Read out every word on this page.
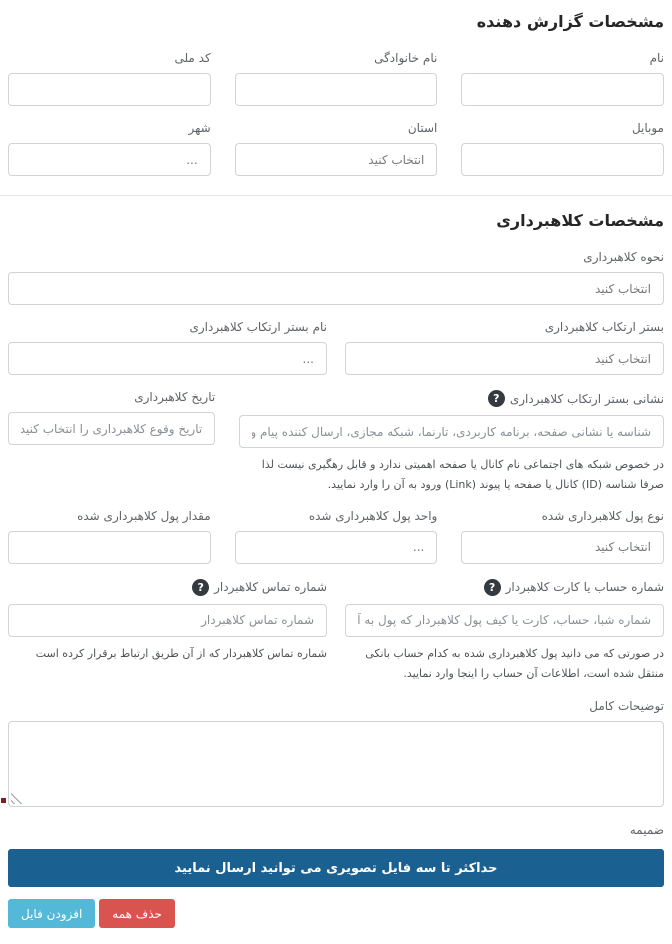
مشخصات گزارش دهنده
نام
نام خانوادگی
کد ملی
موبایل
استان
انتخاب کنید
شهر
...
مشخصات کلاهبرداری
نحوه کلاهبرداری
انتخاب کنید
بستر ارتکاب کلاهبرداری
انتخاب کنید
نام بستر ارتکاب کلاهبرداری
...
نشانی بستر ارتکاب کلاهبرداری
?
شناسه یا نشانی صفحه، برنامه کاربردی، تارنما، شبکه مجازی، ارسال کننده پیام و ...
در خصوص شبکه های اجتماعی نام کانال یا صفحه اهمیتی ندارد و قابل رهگیری نیست لذا صرفا شناسه (ID) کانال یا صفحه یا پیوند (Link) ورود به آن را وارد نمایید.
تاریخ کلاهبرداری
تاریخ وقوع کلاهبرداری را انتخاب کنید
نوع پول کلاهبرداری شده
انتخاب کنید
واحد پول کلاهبرداری شده
...
مقدار پول کلاهبرداری شده
شماره حساب یا کارت کلاهبردار
?
شماره شبا، حساب، کارت یا کیف پول کلاهبردار که پول به آن واریز شده است
در صورتی که می دانید پول کلاهبرداری شده به کدام حساب بانکی منتقل شده است، اطلاعات آن حساب را اینجا وارد نمایید.
شماره تماس کلاهبردار
?
شماره تماس کلاهبردار
شماره تماس کلاهبردار که از آن طریق ارتباط برقرار کرده است
توضیحات کامل
ضمیمه
حداکثر تا سه فایل تصویری می توانید ارسال نمایید
افزودن فایل	حذف همه
